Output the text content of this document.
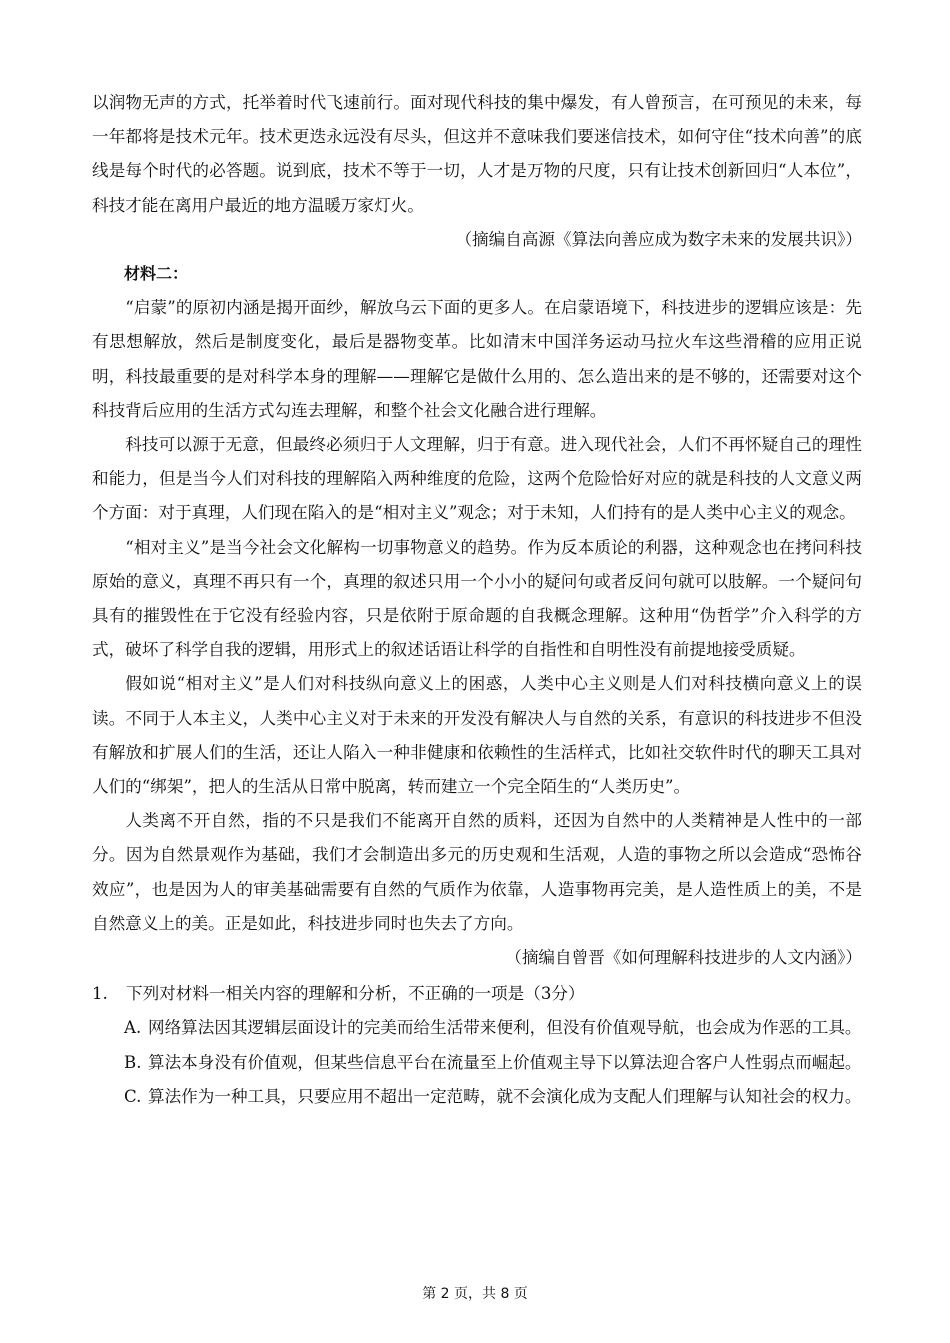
以润物无声的方式，托举着时代飞速前行。面对现代科技的集中爆发，有人曾预言，在可预见的未来，每一年都将是技术元年。技术更迭永远没有尽头，但这并不意味我们要迷信技术，如何守住“技术向善”的底线是每个时代的必答题。说到底，技术不等于一切，人才是万物的尺度，只有让技术创新回归“人本位”，科技才能在离用户最近的地方温暖万家灯火。

（摘编自高源《算法向善应成为数字未来的发展共识》）

材料二：

“启蒙”的原初内涵是揭开面纱，解放乌云下面的更多人。在启蒙语境下，科技进步的逻辑应该是：先有思想解放，然后是制度变化，最后是器物变革。比如清末中国洋务运动马拉火车这些滑稽的应用正说明，科技最重要的是对科学本身的理解——理解它是做什么用的、怎么造出来的是不够的，还需要对这个科技背后应用的生活方式勾连去理解，和整个社会文化融合进行理解。

科技可以源于无意，但最终必须归于人文理解，归于有意。进入现代社会，人们不再怀疑自己的理性和能力，但是当今人们对科技的理解陷入两种维度的危险，这两个危险恰好对应的就是科技的人文意义两个方面：对于真理，人们现在陷入的是“相对主义”观念；对于未知，人们持有的是人类中心主义的观念。

“相对主义”是当今社会文化解构一切事物意义的趋势。作为反本质论的利器，这种观念也在拷问科技原始的意义，真理不再只有一个，真理的叙述只用一个小小的疑问句或者反问句就可以肢解。一个疑问句具有的摧毁性在于它没有经验内容，只是依附于原命题的自我概念理解。这种用“伪哲学”介入科学的方式，破坏了科学自我的逻辑，用形式上的叙述话语让科学的自指性和自明性没有前提地接受质疑。

假如说“相对主义”是人们对科技纵向意义上的困惑，人类中心主义则是人们对科技横向意义上的误读。不同于人本主义，人类中心主义对于未来的开发没有解决人与自然的关系，有意识的科技进步不但没有解放和扩展人们的生活，还让人陷入一种非健康和依赖性的生活样式，比如社交软件时代的聊天工具对人们的“绑架”，把人的生活从日常中脱离，转而建立一个完全陌生的“人类历史”。

人类离不开自然，指的不只是我们不能离开自然的质料，还因为自然中的人类精神是人性中的一部分。因为自然景观作为基础，我们才会制造出多元的历史观和生活观，人造的事物之所以会造成“恐怖谷效应”，也是因为人的审美基础需要有自然的气质作为依靠，人造事物再完美，是人造性质上的美，不是自然意义上的美。正是如此，科技进步同时也失去了方向。

（摘编自曾晋《如何理解科技进步的人文内涵》）

1.	下列对材料一相关内容的理解和分析，不正确的一项是（3分）

A. 网络算法因其逻辑层面设计的完美而给生活带来便利，但没有价值观导航，也会成为作恶的工具。

B. 算法本身没有价值观，但某些信息平台在流量至上价值观主导下以算法迎合客户人性弱点而崛起。

C. 算法作为一种工具，只要应用不超出一定范畴，就不会演化成为支配人们理解与认知社会的权力。

第 2 页，共 8 页
